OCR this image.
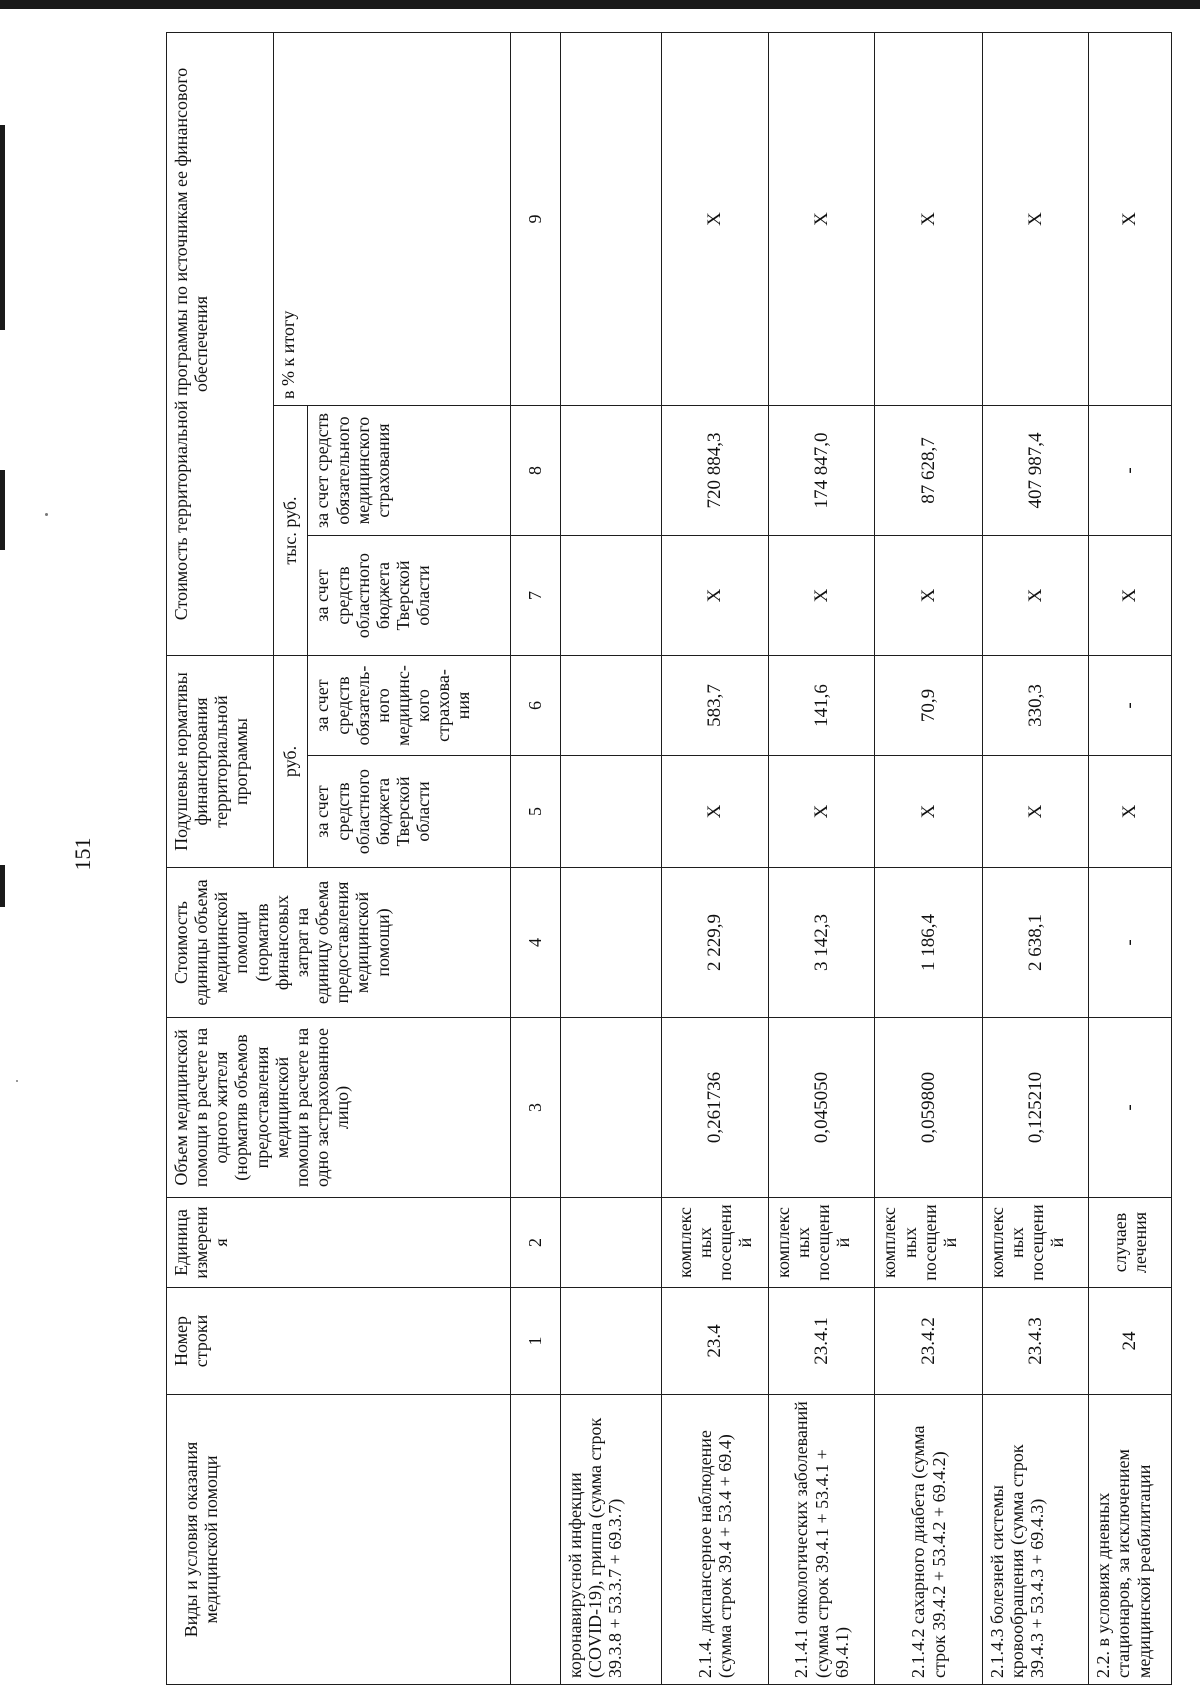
151
Виды и условия оказания медицинской помощи	Номер строки	Единица измерения	Объем медицинской помощи в расчете на одного жителя (норматив объемов предоставления медицинской помощи в расчете на одно застрахованное лицо)	Стоимость единицы объема медицинской помощи (норматив финансовых затрат на единицу объема предоставления медицинской помощи)	Подушевые нормативы финансирования территориальной программы		Стоимость территориальной программы по источникам ее финансового обеспечения		
					руб.		тыс. руб.		в % к итогу
					за счет средств областного бюджета Тверской области	за счет средств обязатель-ного медицинс-кого страхова-ния	за счет средств областного бюджета Тверской области	за счет средств обязательного медицинского страхования	
	1	2	3	4	5	6	7	8	9
коронавирусной инфекции (COVID-19), гриппа (сумма строк 39.3.8 + 53.3.7 + 69.3.7)									
2.1.4. диспансерное наблюдение (сумма строк 39.4 + 53.4 + 69.4)	23.4	комплексных посещений	0,261736	2 229,9	Х	583,7	Х	720 884,3	Х
2.1.4.1 онкологических заболеваний (сумма строк 39.4.1 + 53.4.1 + 69.4.1)	23.4.1	комплексных посещений	0,045050	3 142,3	Х	141,6	Х	174 847,0	Х
2.1.4.2 сахарного диабета (сумма строк 39.4.2 + 53.4.2 + 69.4.2)	23.4.2	комплексных посещений	0,059800	1 186,4	Х	70,9	Х	87 628,7	Х
2.1.4.3 болезней системы кровообращения (сумма строк 39.4.3 + 53.4.3 + 69.4.3)	23.4.3	комплексных посещений	0,125210	2 638,1	Х	330,3	Х	407 987,4	Х
2.2. в условиях дневных стационаров, за исключением медицинской реабилитации	24	случаев лечения	-	-	Х	-	Х	-	Х
